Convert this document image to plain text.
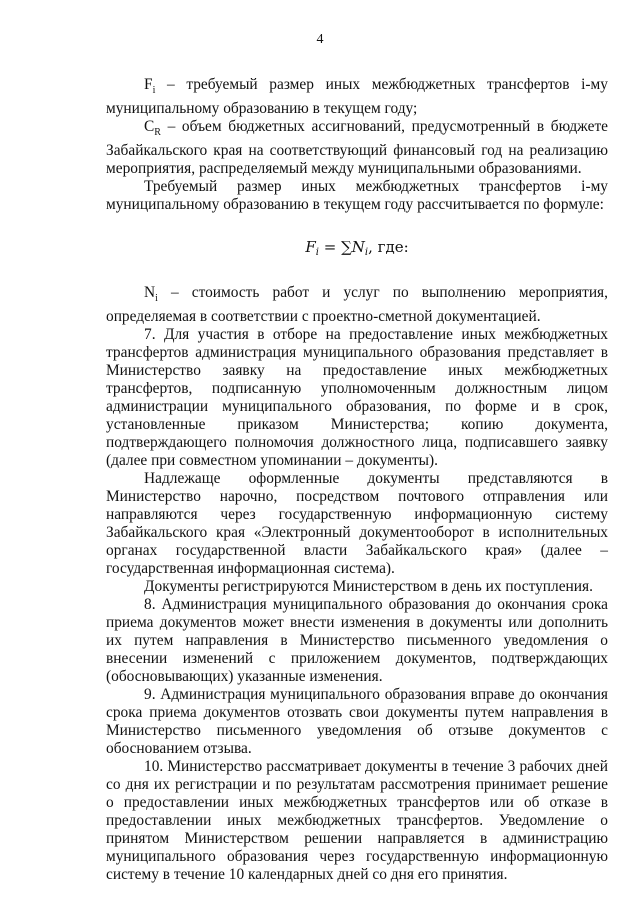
4

$F_i$ – требуемый размер иных межбюджетных трансфертов i-му муниципальному образованию в текущем году;

$C_R$ – объем бюджетных ассигнований, предусмотренный в бюджете Забайкальского края на соответствующий финансовый год на реализацию мероприятия, распределяемый между муниципальными образованиями.

Требуемый размер иных межбюджетных трансфертов i-му муниципальному образованию в текущем году рассчитывается по формуле:

$F_i = \sum N_i$, где:

$N_i$ – стоимость работ и услуг по выполнению мероприятия, определяемая в соответствии с проектно-сметной документацией.

7. Для участия в отборе на предоставление иных межбюджетных трансфертов администрация муниципального образования представляет в Министерство заявку на предоставление иных межбюджетных трансфертов, подписанную уполномоченным должностным лицом администрации муниципального образования, по форме и в срок, установленные приказом Министерства; копию документа, подтверждающего полномочия должностного лица, подписавшего заявку (далее при совместном упоминании – документы).

Надлежаще оформленные документы представляются в Министерство нарочно, посредством почтового отправления или направляются через государственную информационную систему Забайкальского края «Электронный документооборот в исполнительных органах государственной власти Забайкальского края» (далее – государственная информационная система).

Документы регистрируются Министерством в день их поступления.

8. Администрация муниципального образования до окончания срока приема документов может внести изменения в документы или дополнить их путем направления в Министерство письменного уведомления о внесении изменений с приложением документов, подтверждающих (обосновывающих) указанные изменения.

9. Администрация муниципального образования вправе до окончания срока приема документов отозвать свои документы путем направления в Министерство письменного уведомления об отзыве документов с обоснованием отзыва.

10. Министерство рассматривает документы в течение 3 рабочих дней со дня их регистрации и по результатам рассмотрения принимает решение о предоставлении иных межбюджетных трансфертов или об отказе в предоставлении иных межбюджетных трансфертов. Уведомление о принятом Министерством решении направляется в администрацию муниципального образования через государственную информационную систему в течение 10 календарных дней со дня его принятия.
